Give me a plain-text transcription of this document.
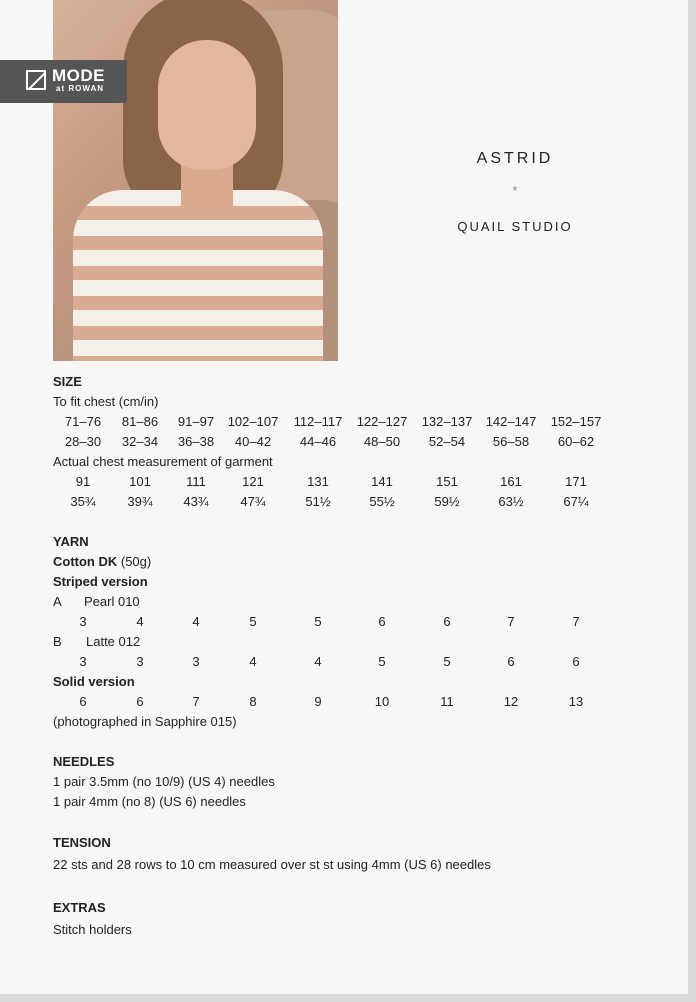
MODE
at ROWAN
ASTRID
*
QUAIL STUDIO
SIZE
To fit chest (cm/in)
Actual chest measurement of garment
YARN
Cotton DK (50g)
Striped version
A Pearl 010
B Latte 012
Solid version
(photographed in Sapphire 015)
NEEDLES
1 pair 3.5mm (no 10/9) (US 4) needles
1 pair 4mm (no 8) (US 6) needles
TENSION
22 sts and 28 rows to 10 cm measured over st st using 4mm (US 6) needles
EXTRAS
Stitch holders
71–76	81–86	91–97	102–107	112–117	122–127	132–137	142–147	152–157
28–30	32–34	36–38	40–42	44–46	48–50	52–54	56–58	60–62
91	101	111	121	131	141	151	161	171
35¾	39¾	43¾	47¾	51½	55½	59½	63½	67¼
3	4	4	5	5	6	6	7	7
3	3	3	4	4	5	5	6	6
6	6	7	8	9	10	11	12	13
